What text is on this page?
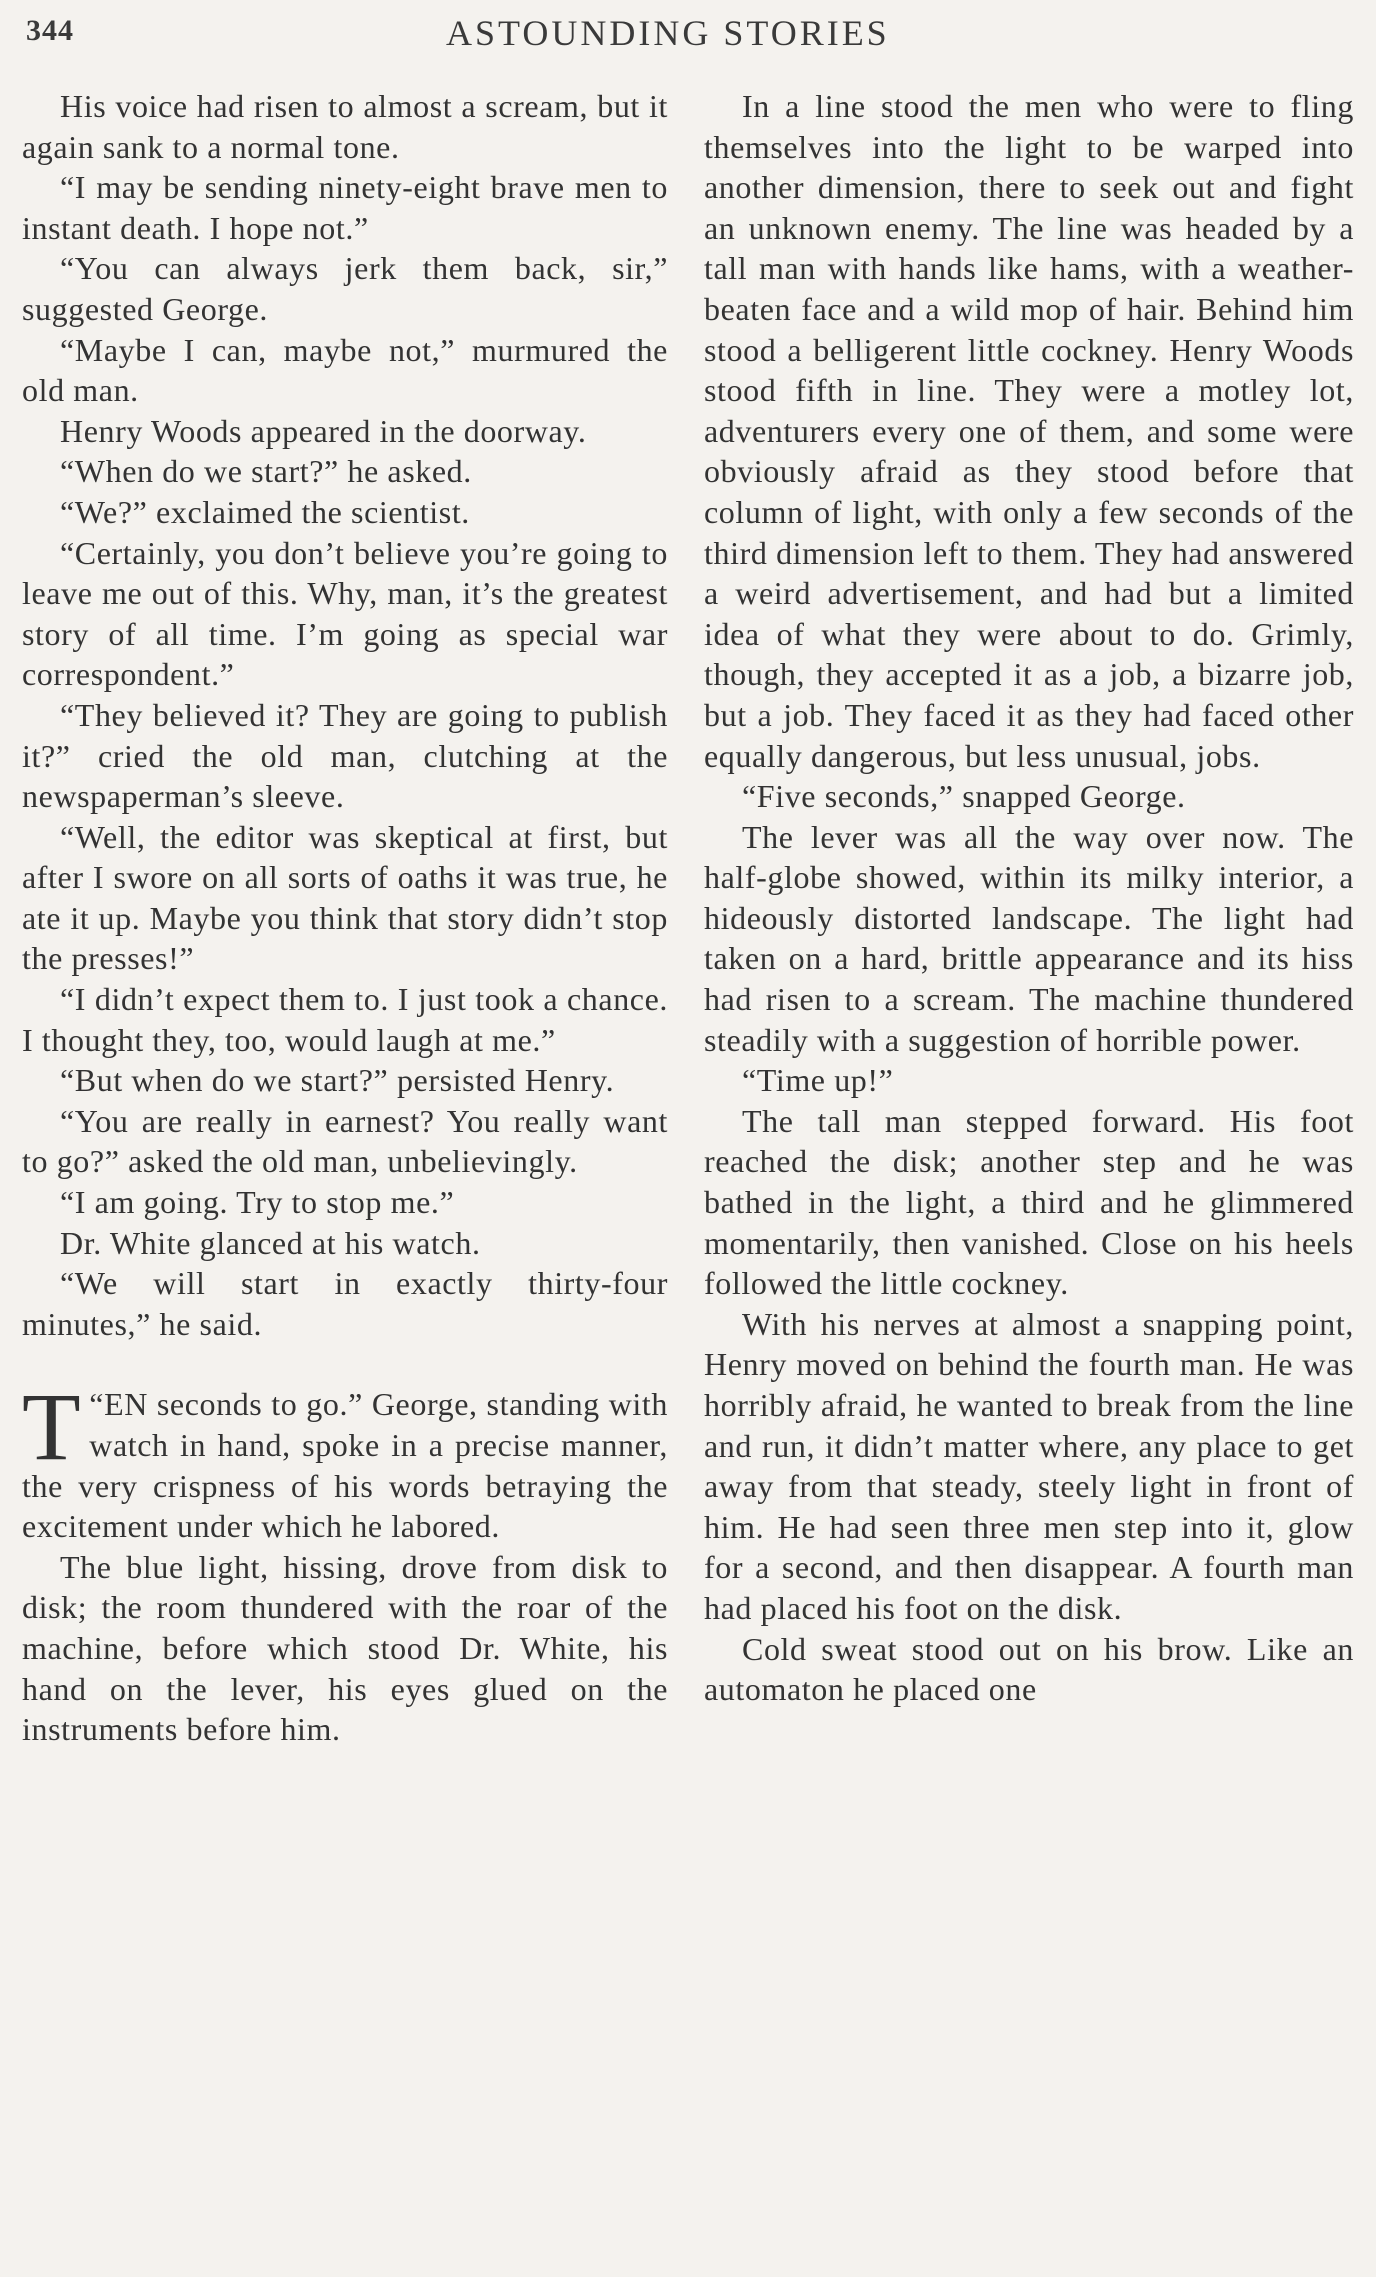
344	ASTOUNDING STORIES

His voice had risen to almost a scream, but it again sank to a normal tone.

“I may be sending ninety-eight brave men to instant death. I hope not.”

“You can always jerk them back, sir,” suggested George.

“Maybe I can, maybe not,” murmured the old man.

Henry Woods appeared in the doorway.

“When do we start?” he asked.

“We?” exclaimed the scientist.

“Certainly, you don’t believe you’re going to leave me out of this. Why, man, it’s the greatest story of all time. I’m going as special war correspondent.”

“They believed it? They are going to publish it?” cried the old man, clutching at the newspaperman’s sleeve.

“Well, the editor was skeptical at first, but after I swore on all sorts of oaths it was true, he ate it up. Maybe you think that story didn’t stop the presses!”

“I didn’t expect them to. I just took a chance. I thought they, too, would laugh at me.”

“But when do we start?” persisted Henry.

“You are really in earnest? You really want to go?” asked the old man, unbelievingly.

“I am going. Try to stop me.”

Dr. White glanced at his watch.

“We will start in exactly thirty-four minutes,” he said.

“
T EN seconds to go.” George, standing with watch in hand, spoke in a precise manner, the very crispness of his words betraying the excitement under which he labored.

The blue light, hissing, drove from disk to disk; the room thundered with the roar of the machine, before which stood Dr. White, his hand on the lever, his eyes glued on the instruments before him.

In a line stood the men who were to fling themselves into the light to be warped into another dimension, there to seek out and fight an unknown enemy. The line was headed by a tall man with hands like hams, with a weather-beaten face and a wild mop of hair. Behind him stood a belligerent little cockney. Henry Woods stood fifth in line. They were a motley lot, adventurers every one of them, and some were obviously afraid as they stood before that column of light, with only a few seconds of the third dimension left to them. They had answered a weird advertisement, and had but a limited idea of what they were about to do. Grimly, though, they accepted it as a job, a bizarre job, but a job. They faced it as they had faced other equally dangerous, but less unusual, jobs.

“Five seconds,” snapped George.

The lever was all the way over now. The half-globe showed, within its milky interior, a hideously distorted landscape. The light had taken on a hard, brittle appearance and its hiss had risen to a scream. The machine thundered steadily with a suggestion of horrible power.

“Time up!”

The tall man stepped forward. His foot reached the disk; another step and he was bathed in the light, a third and he glimmered momentarily, then vanished. Close on his heels followed the little cockney.

With his nerves at almost a snapping point, Henry moved on behind the fourth man. He was horribly afraid, he wanted to break from the line and run, it didn’t matter where, any place to get away from that steady, steely light in front of him. He had seen three men step into it, glow for a second, and then disappear. A fourth man had placed his foot on the disk.

Cold sweat stood out on his brow. Like an automaton he placed one
